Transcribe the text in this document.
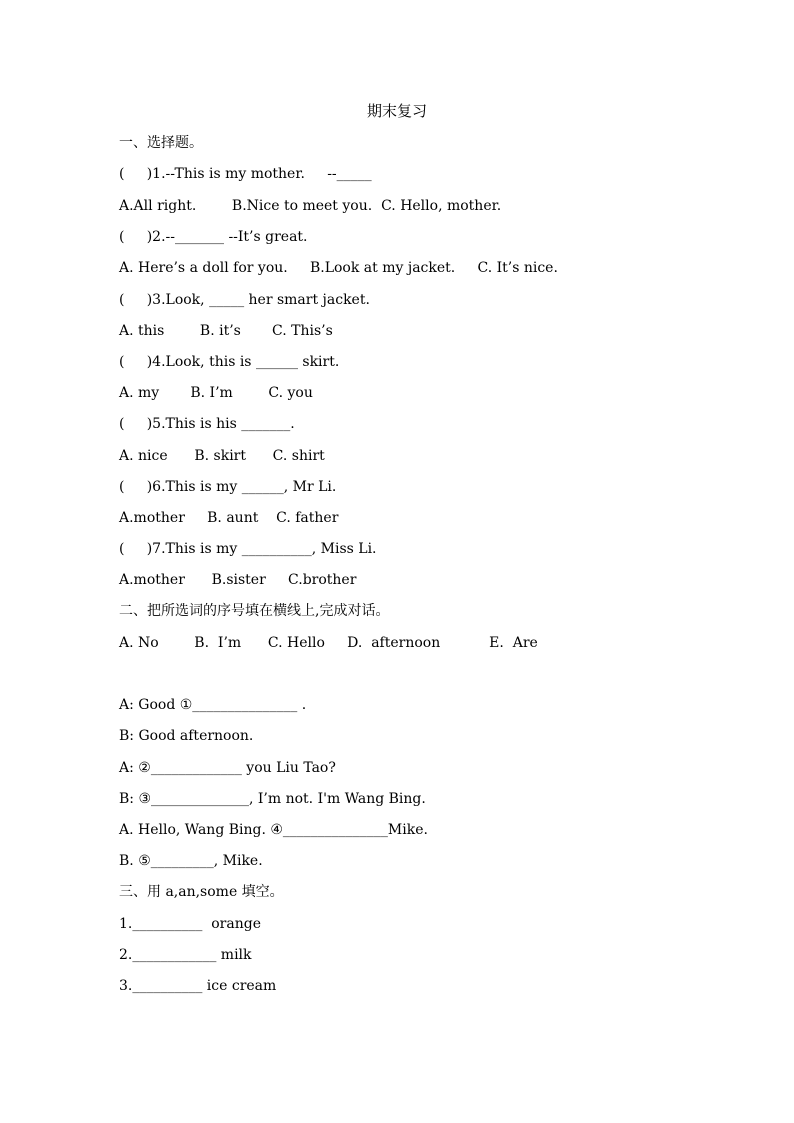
期末复习
一、选择题。
(     )1.--This is my mother.     --_____
A.All right.        B.Nice to meet you.  C. Hello, mother.
(     )2.--_______ --It’s great.
A. Here’s a doll for you.     B.Look at my jacket.     C. It’s nice.
(     )3.Look, _____ her smart jacket.
A. this        B. it’s       C. This’s
(     )4.Look, this is ______ skirt.
A. my       B. I’m        C. you
(     )5.This is his _______.
A. nice      B. skirt      C. shirt
(     )6.This is my ______, Mr Li.
A.mother     B. aunt    C. father
(     )7.This is my __________, Miss Li.
A.mother      B.sister     C.brother
二、把所选词的序号填在横线上,完成对话。
A. No        B.  I’m      C. Hello     D.  afternoon           E.  Are
A: Good ①_______________ .
B: Good afternoon.
A: ②_____________ you Liu Tao?
B: ③______________, I’m not. I'm Wang Bing.
A. Hello, Wang Bing. ④_______________Mike.
B. ⑤_________, Mike.
三、用 a,an,some 填空。
1.__________  orange
2.____________ milk
3.__________ ice cream
